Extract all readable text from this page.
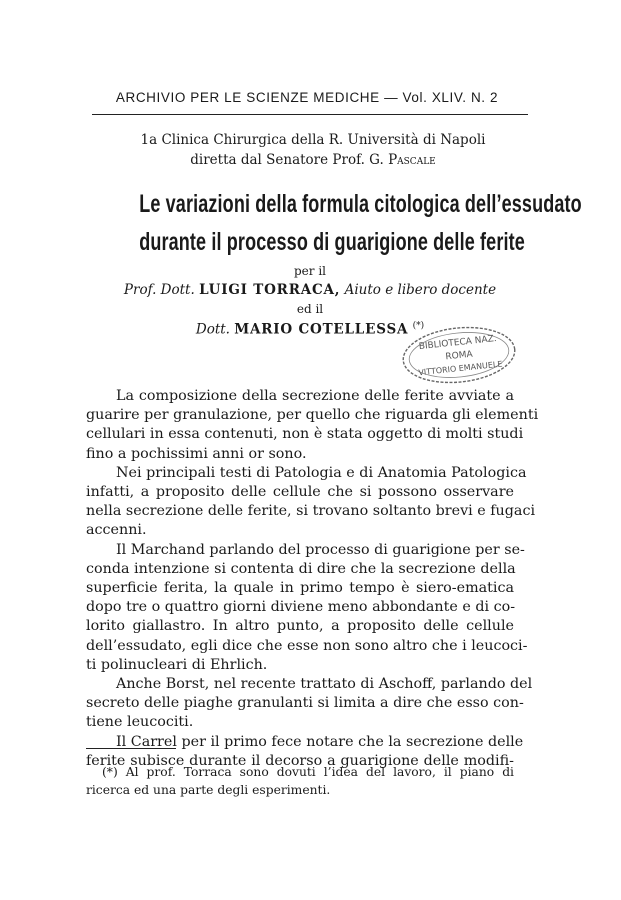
ARCHIVIO PER LE SCIENZE MEDICHE — Vol. XLIV. N. 2
1a Clinica Chirurgica della R. Università di Napoli
diretta dal Senatore Prof. G. Pascale
Le variazioni della formula citologica dell’essudato
durante il processo di guarigione delle ferite
per il
Prof. Dott. LUIGI TORRACA, Aiuto e libero docente
ed il
Dott. MARIO COTELLESSA (*)
BIBLIOTECA NAZ.
ROMA
VITTORIO EMANUELE

La composizione della secrezione delle ferite avviate a
guarire per granulazione, per quello che riguarda gli elementi
cellulari in essa contenuti, non è stata oggetto di molti studi
fino a pochissimi anni or sono.

Nei principali testi di Patologia e di Anatomia Patologica
infatti, a proposito delle cellule che si possono osservare
nella secrezione delle ferite, si trovano soltanto brevi e fugaci
accenni.

Il Marchand parlando del processo di guarigione per se-
conda intenzione si contenta di dire che la secrezione della
superficie ferita, la quale in primo tempo è siero-ematica
dopo tre o quattro giorni diviene meno abbondante e di co-
lorito giallastro. In altro punto, a proposito delle cellule
dell’essudato, egli dice che esse non sono altro che i leucoci-
ti polinucleari di Ehrlich.

Anche Borst, nel recente trattato di Aschoff, parlando del
secreto delle piaghe granulanti si limita a dire che esso con-
tiene leucociti.

Il Carrel per il primo fece notare che la secrezione delle
ferite subisce durante il decorso a guarigione delle modifi-

(*) Al prof. Torraca sono dovuti l’idea del lavoro, il piano di
ricerca ed una parte degli esperimenti.
